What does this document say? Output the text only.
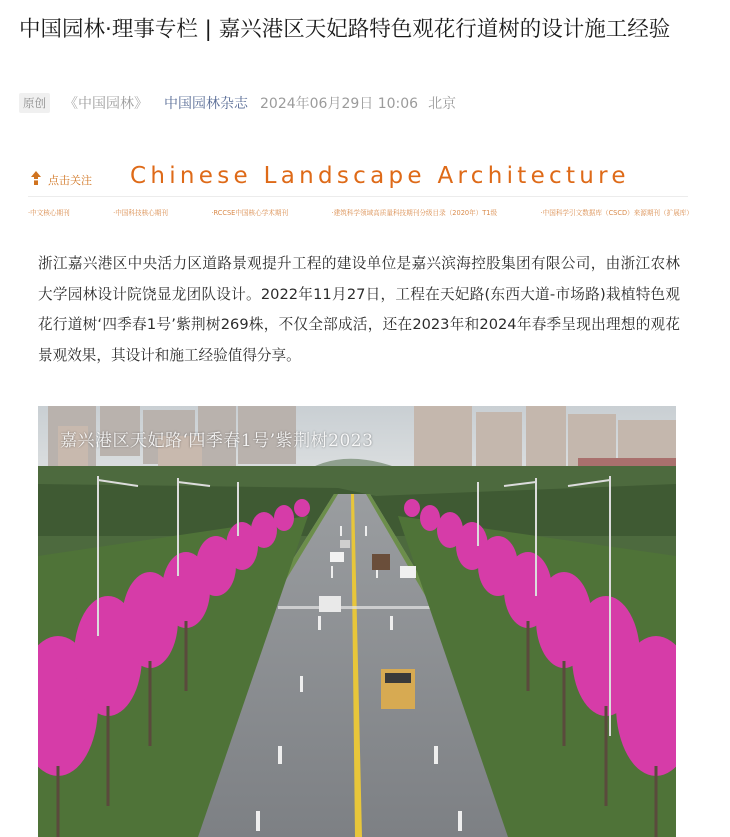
中国园林·理事专栏 | 嘉兴港区天妃路特色观花行道树的设计施工经验
原创 《中国园林》 中国园林杂志 2024年06月29日 10:06 北京
点击关注 Chinese Landscape Architecture
·中文核心期刊	·中国科技核心期刊	·RCCSE中国核心学术期刊	·建筑科学领域高质量科技期刊分级目录（2020年）T1级	·中国科学引文数据库（CSCD）来源期刊（扩展库）

浙江嘉兴港区中央活力区道路景观提升工程的建设单位是嘉兴滨海控股集团有限公司，由浙江农林大学园林设计院饶显龙团队设计。2022年11月27日，工程在天妃路(东西大道-市场路)栽植特色观花行道树‘四季春1号’紫荆树269株，不仅全部成活，还在2023年和2024年春季呈现出理想的观花景观效果，其设计和施工经验值得分享。

嘉兴港区天妃路‘四季春1号’紫荆树2023
